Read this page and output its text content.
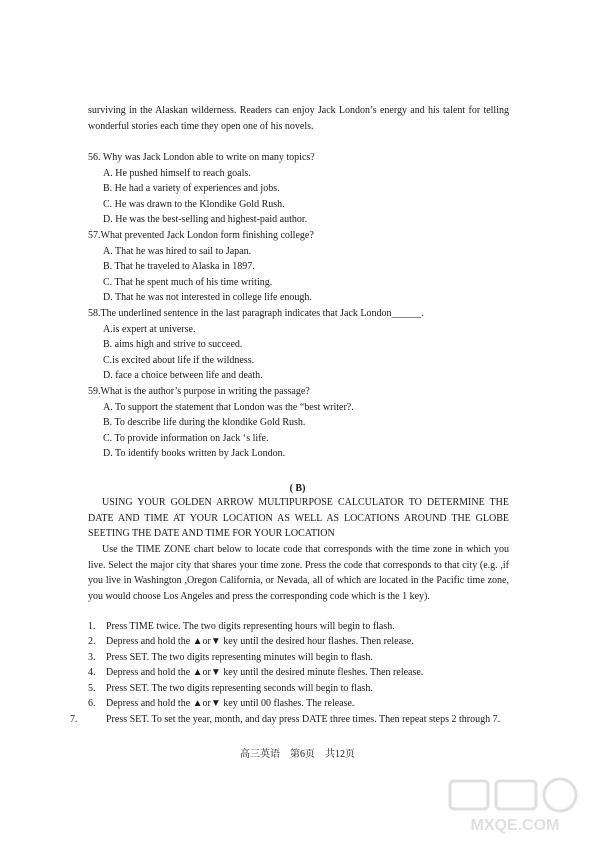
surviving in the Alaskan wilderness. Readers can enjoy Jack London’s energy and his talent for telling wonderful stories each time they open one of his novels.
56. Why was Jack London able to write on many topics?
A. He pushed himself to reach goals.
B. He had a variety of experiences and jobs.
C. He was drawn to the Klondike Gold Rush.
D. He was the best-selling and highest-paid author.
57.What prevented Jack London form finishing college?
A. That he was hired to sail to Japan.
B. That he traveled to Alaska in 1897.
C. That he spent much of his time writing.
D. That he was not interested in college life enough.
58.The underlined sentence in the last paragraph indicates that Jack London______.
A.is expert at universe.
B. aims high and strive to succeed.
C.is excited about life if the wildness.
D. face a choice between life and death.
59.What is the author’s purpose in writing the passage?
A. To support the statement that London was the “best writer?.
B. To describe life during the klondike Gold Rush.
C. To provide information on Jack ‘s life.
D. To identify books written by Jack London.
( B)
USING YOUR GOLDEN ARROW MULTIPURPOSE CALCULATOR TO DETERMINE THE DATE AND TIME AT YOUR LOCATION AS WELL AS LOCATIONS AROUND THE GLOBE SEETING THE DATE AND TIME FOR YOUR LOCATION
Use the TIME ZONE chart below to locate code that corresponds with the time zone in which you live. Select the major city that shares your time zone. Press the code that corresponds to that city (e.g. ,if you live in Washington ,Oregon California, or Nevada, all of which are located in the Pacific time zone, you would choose Los Angeles and press the corresponding code which is the 1 key).
1. Press TIME twice. The two digits representing hours will begin to flash.
2. Depress and hold the ▲or▼ key until the desired hour flashes. Then release.
3. Press SET. The two digits representing minutes will begin to flash.
4. Depress and hold the ▲or▼ key until the desired minute fleshes. Then release.
5. Press SET. The two digits representing seconds will begin to flash.
6. Depress and hold the ▲or▼ key until 00 flashes. The release.
7.	Press SET. To set the year, month, and day press DATE three times. Then repeat steps 2 through 7.
高三英语　第6页　共12页
MXQE.COM
